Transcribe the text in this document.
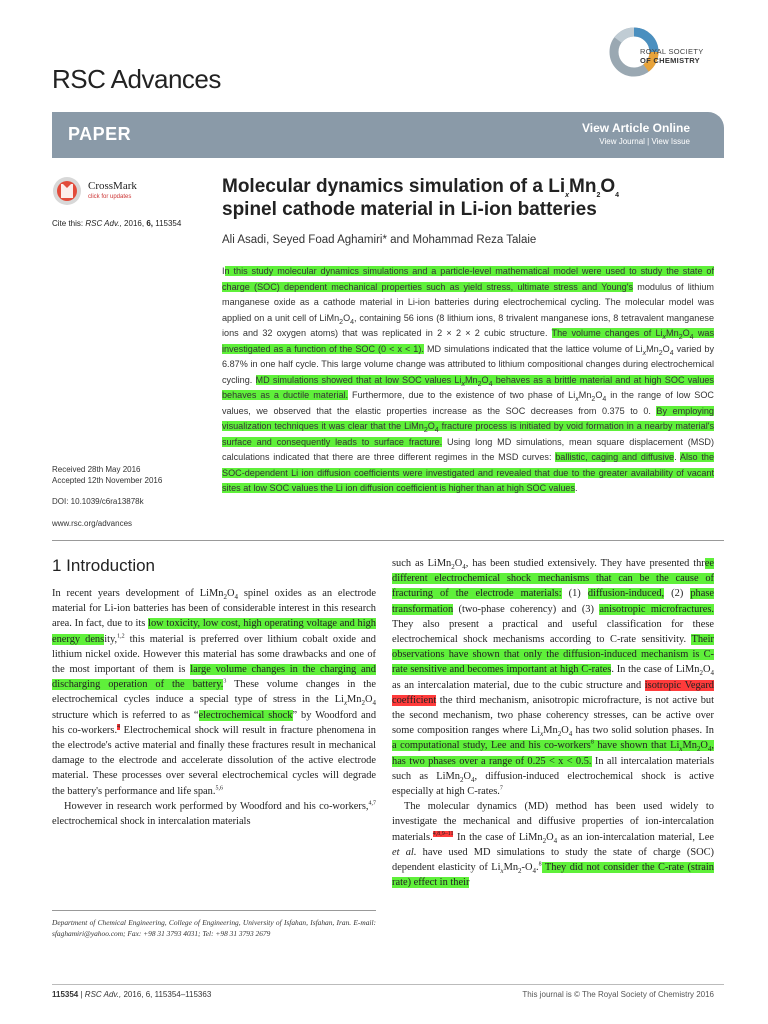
RSC Advances
ROYAL SOCIETY
OF CHEMISTRY
PAPER	View Article Online
View Journal | View Issue
CrossMark
click for updates
Cite this: RSC Adv., 2016, 6, 115354
Molecular dynamics simulation of a $Li_xMn_2O_4$
spinel cathode material in Li-ion batteries
Ali Asadi, Seyed Foad Aghamiri* and Mohammad Reza Talaie
In this study molecular dynamics simulations and a particle-level mathematical model were used to study the state of charge (SOC) dependent mechanical properties such as yield stress, ultimate stress and Young's modulus of lithium manganese oxide as a cathode material in Li-ion batteries during electrochemical cycling. The molecular model was applied on a unit cell of $LiMn_2O_4$, containing 56 ions (8 lithium ions, 8 trivalent manganese ions, 8 tetravalent manganese ions and 32 oxygen atoms) that was replicated in 2 × 2 × 2 cubic structure. The volume changes of $Li_xMn_2O_4$ was investigated as a function of the SOC (0 < x < 1). MD simulations indicated that the lattice volume of $Li_xMn_2O_4$ varied by 6.87% in one half cycle. This large volume change was attributed to lithium compositional changes during electrochemical cycling. MD simulations showed that at low SOC values $Li_xMn_2O_4$ behaves as a brittle material and at high SOC values behaves as a ductile material. Furthermore, due to the existence of two phase of $Li_xMn_2O_4$ in the range of low SOC values, we observed that the elastic properties increase as the SOC decreases from 0.375 to 0. By employing visualization techniques it was clear that the $LiMn_2O_4$ fracture process is initiated by void formation in a nearby material's surface and consequently leads to surface fracture. Using long MD simulations, mean square displacement (MSD) calculations indicated that there are three different regimes in the MSD curves: ballistic, caging and diffusive. Also the SOC-dependent Li ion diffusion coefficients were investigated and revealed that due to the greater availability of vacant sites at low SOC values the Li ion diffusion coefficient is higher than at high SOC values.
Received 28th May 2016
Accepted 12th November 2016
DOI: 10.1039/c6ra13878k
www.rsc.org/advances
1 Introduction

In recent years development of $LiMn_2O_4$ spinel oxides as an electrode material for Li-ion batteries has been of considerable interest in this research area. In fact, due to its low toxicity, low cost, high operating voltage and high energy density,$^{1,2}$ this material is preferred over lithium cobalt oxide and lithium nickel oxide. However this material has some drawbacks and one of the most important of them is large volume changes in the charging and discharging operation of the battery.$^3$ These volume changes in the electrochemical cycles induce a special type of stress in the $Li_xMn_2O_4$ structure which is referred to as “electrochemical shock” by Woodford and his co-workers.$^4$ Electrochemical shock will result in fracture phenomena in the electrode's active material and finally these fractures result in mechanical damage to the electrode and accelerate dissolution of the active electrode material. These processes over several electrochemical cycles will degrade the battery's performance and life span.$^{5,6}$

However in research work performed by Woodford and his co-workers,$^{4,7}$ electrochemical shock in intercalation materials

such as $LiMn_2O_4$, has been studied extensively. They have presented three different electrochemical shock mechanisms that can be the cause of fracturing of the electrode materials: (1) diffusion-induced, (2) phase transformation (two-phase coherency) and (3) anisotropic microfractures. They also present a practical and useful classification for these electrochemical shock mechanisms according to C-rate sensitivity. Their observations have shown that only the diffusion-induced mechanism is C-rate sensitive and becomes important at high C-rates. In the case of $LiMn_2O_4$ as an intercalation material, due to the cubic structure and isotropic Vegard coefficient the third mechanism, anisotropic microfracture, is not active but the second mechanism, two phase coherency stresses, can be active over some composition ranges where $Li_xMn_2O_4$ has two solid solution phases. In a computational study, Lee and his co-workers$^8$ have shown that $Li_xMn_2O_4$, has two phases over a range of 0.25 < x < 0.5. In all intercalation materials such as $LiMn_2O_4$, diffusion-induced electrochemical shock is active especially at high C-rates.$^7$

The molecular dynamics (MD) method has been used widely to investigate the mechanical and diffusive properties of ion-intercalation materials.$^{4,8,9-11}$ In the case of $LiMn_2O_4$ as an ion-intercalation material, Lee et al. have used MD simulations to study the state of charge (SOC) dependent elasticity of $Li_xMn_2-O_4.^8$ They did not consider the C-rate (strain rate) effect in their

Department of Chemical Engineering, College of Engineering, University of Isfahan, Isfahan, Iran. E-mail: sfaghamiri@yahoo.com; Fax: +98 31 3793 4031; Tel: +98 31 3793 2679
115354 | RSC Adv., 2016, 6, 115354–115363	This journal is © The Royal Society of Chemistry 2016
